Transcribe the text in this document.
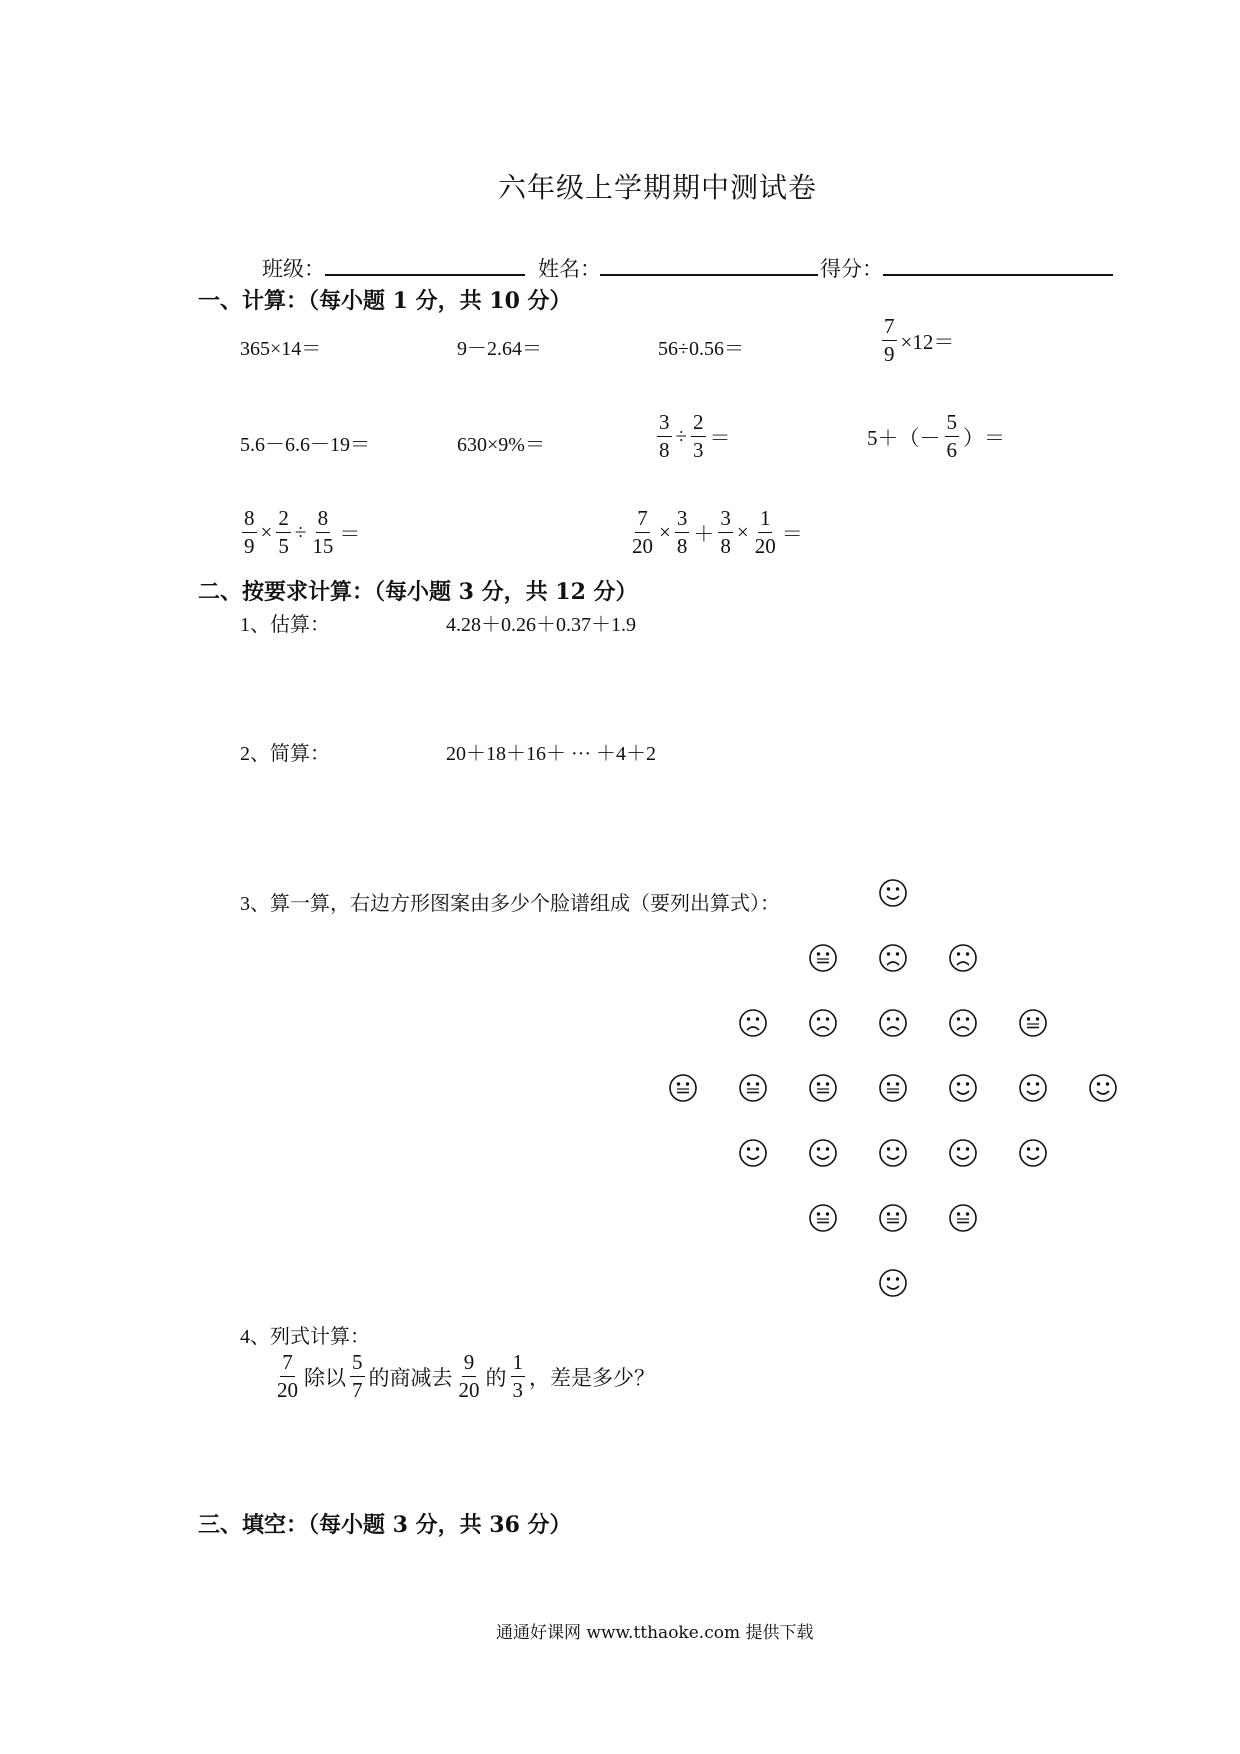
六年级上学期期中测试卷
班级：	姓名：	得分：
一、计算：（每小题 1 分，共 10 分）
365×14＝	9－2.64＝	56÷0.56＝	$\frac{7}{9} \times 12=$
5.6－6.6－19＝	630×9%＝	$\frac{3}{8} \div \frac{2}{3}$ ＝	$5+(- \frac{5}{6}$ ）＝
$\frac{8}{9} \times \frac{2}{5} \div \frac{8}{15}$ ＝	$\frac{7}{20} \times \frac{3}{8} + \frac{3}{8} \times \frac{1}{20}$ ＝
二、按要求计算：（每小题 3 分，共 12 分）
1、估算：	4.28＋0.26＋0.37＋1.9
2、简算：	20＋18＋16＋ ··· ＋4＋2
3、算一算，右边方形图案由多少个脸谱组成（要列出算式）：
4、列式计算：
$\frac{7}{20}$ 除以 $\frac{5}{7}$ 的商减去 $\frac{9}{20}$ 的 $\frac{1}{3}$ ，差是多少？
三、填空：（每小题 3 分，共 36 分）
通通好课网 www.tthaoke.com 提供下载
